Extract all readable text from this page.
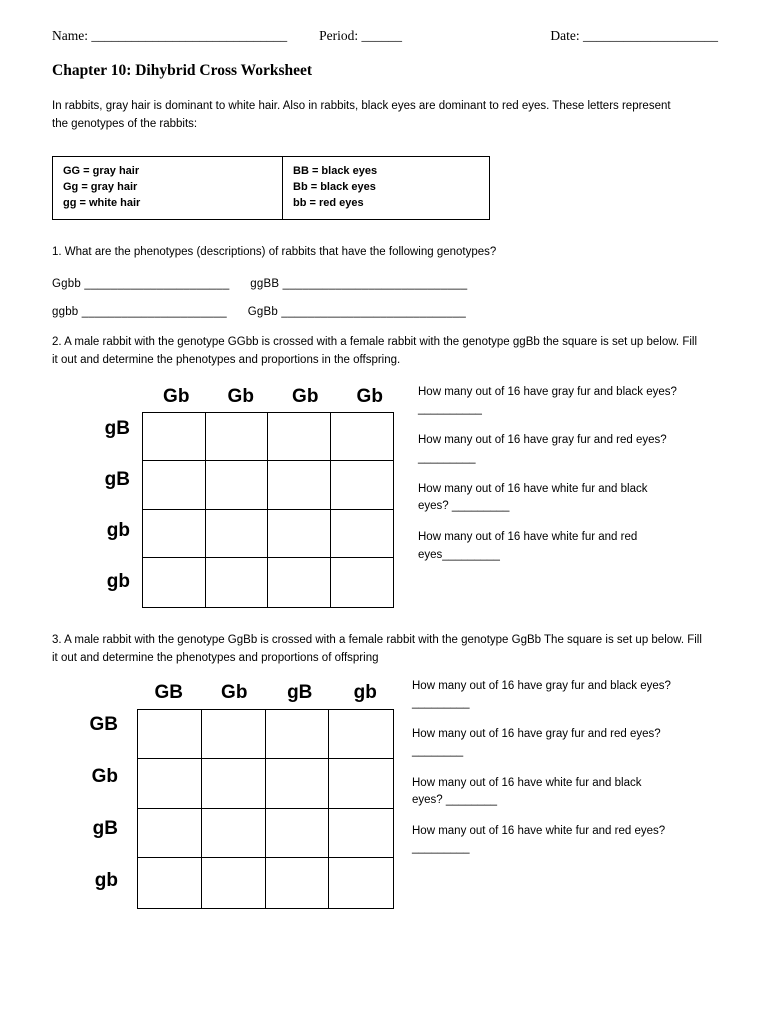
Name: _____________________________	Period: ______	Date: ____________________
Chapter 10: Dihybrid Cross Worksheet

In rabbits, gray hair is dominant to white hair. Also in rabbits, black eyes are dominant to red eyes. These letters represent the genotypes of the rabbits:

GG = gray hair
Gg = gray hair
gg = white hair
BB = black eyes
Bb = black eyes
bb = red eyes

1. What are the phenotypes (descriptions) of rabbits that have the following genotypes?

Ggbb ______________________ ggBB ____________________________

ggbb ______________________ GgBb ____________________________

2. A male rabbit with the genotype GGbb is crossed with a female rabbit with the genotype ggBb the square is set up below. Fill it out and determine the phenotypes and proportions in the offspring.

Gb	Gb	Gb	Gb
gB
gB
gb
gb
How many out of 16 have gray fur and black eyes? __________
How many out of 16 have gray fur and red eyes? _________
How many out of 16 have white fur and black eyes? _________
How many out of 16 have white fur and red eyes_________

3. A male rabbit with the genotype GgBb is crossed with a female rabbit with the genotype GgBb The square is set up below. Fill it out and determine the phenotypes and proportions of offspring

GB	Gb	gB	gb
GB
Gb
gB
gb
How many out of 16 have gray fur and black eyes? _________
How many out of 16 have gray fur and red eyes? ________
How many out of 16 have white fur and black eyes? ________
How many out of 16 have white fur and red eyes? _________
